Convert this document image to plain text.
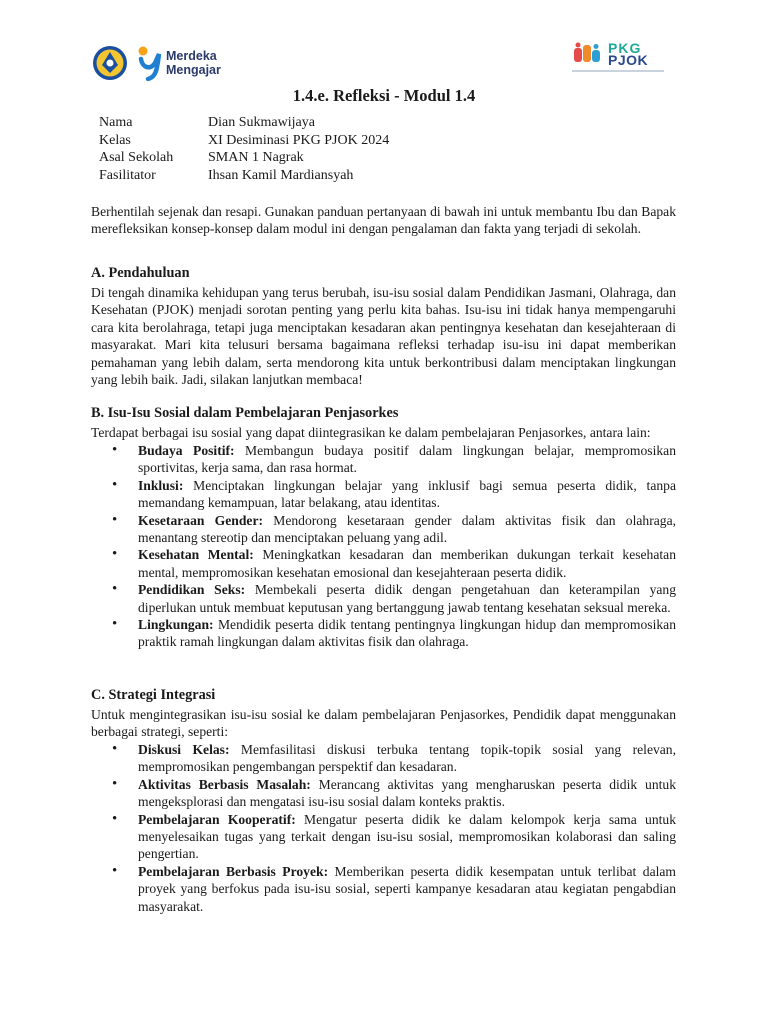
Merdeka
Mengajar
PKG
PJOK
1.4.e. Refleksi - Modul 1.4
Nama	Dian Sukmawijaya
Kelas	XI Desiminasi PKG PJOK 2024
Asal Sekolah	SMAN 1 Nagrak
Fasilitator	Ihsan Kamil Mardiansyah
Berhentilah sejenak dan resapi. Gunakan panduan pertanyaan di bawah ini untuk membantu Ibu dan Bapak merefleksikan konsep-konsep dalam modul ini dengan pengalaman dan fakta yang terjadi di sekolah.
A. Pendahuluan
Di tengah dinamika kehidupan yang terus berubah, isu-isu sosial dalam Pendidikan Jasmani, Olahraga, dan Kesehatan (PJOK) menjadi sorotan penting yang perlu kita bahas. Isu-isu ini tidak hanya mempengaruhi cara kita berolahraga, tetapi juga menciptakan kesadaran akan pentingnya kesehatan dan kesejahteraan di masyarakat. Mari kita telusuri bersama bagaimana refleksi terhadap isu-isu ini dapat memberikan pemahaman yang lebih dalam, serta mendorong kita untuk berkontribusi dalam menciptakan lingkungan yang lebih baik. Jadi, silakan lanjutkan membaca!
B. Isu-Isu Sosial dalam Pembelajaran Penjasorkes
Terdapat berbagai isu sosial yang dapat diintegrasikan ke dalam pembelajaran Penjasorkes, antara lain:
• Budaya Positif: Membangun budaya positif dalam lingkungan belajar, mempromosikan sportivitas, kerja sama, dan rasa hormat.
• Inklusi: Menciptakan lingkungan belajar yang inklusif bagi semua peserta didik, tanpa memandang kemampuan, latar belakang, atau identitas.
• Kesetaraan Gender: Mendorong kesetaraan gender dalam aktivitas fisik dan olahraga, menantang stereotip dan menciptakan peluang yang adil.
• Kesehatan Mental: Meningkatkan kesadaran dan memberikan dukungan terkait kesehatan mental, mempromosikan kesehatan emosional dan kesejahteraan peserta didik.
• Pendidikan Seks: Membekali peserta didik dengan pengetahuan dan keterampilan yang diperlukan untuk membuat keputusan yang bertanggung jawab tentang kesehatan seksual mereka.
• Lingkungan: Mendidik peserta didik tentang pentingnya lingkungan hidup dan mempromosikan praktik ramah lingkungan dalam aktivitas fisik dan olahraga.
C. Strategi Integrasi
Untuk mengintegrasikan isu-isu sosial ke dalam pembelajaran Penjasorkes, Pendidik dapat menggunakan berbagai strategi, seperti:
• Diskusi Kelas: Memfasilitasi diskusi terbuka tentang topik-topik sosial yang relevan, mempromosikan pengembangan perspektif dan kesadaran.
• Aktivitas Berbasis Masalah: Merancang aktivitas yang mengharuskan peserta didik untuk mengeksplorasi dan mengatasi isu-isu sosial dalam konteks praktis.
• Pembelajaran Kooperatif: Mengatur peserta didik ke dalam kelompok kerja sama untuk menyelesaikan tugas yang terkait dengan isu-isu sosial, mempromosikan kolaborasi dan saling pengertian.
• Pembelajaran Berbasis Proyek: Memberikan peserta didik kesempatan untuk terlibat dalam proyek yang berfokus pada isu-isu sosial, seperti kampanye kesadaran atau kegiatan pengabdian masyarakat.
